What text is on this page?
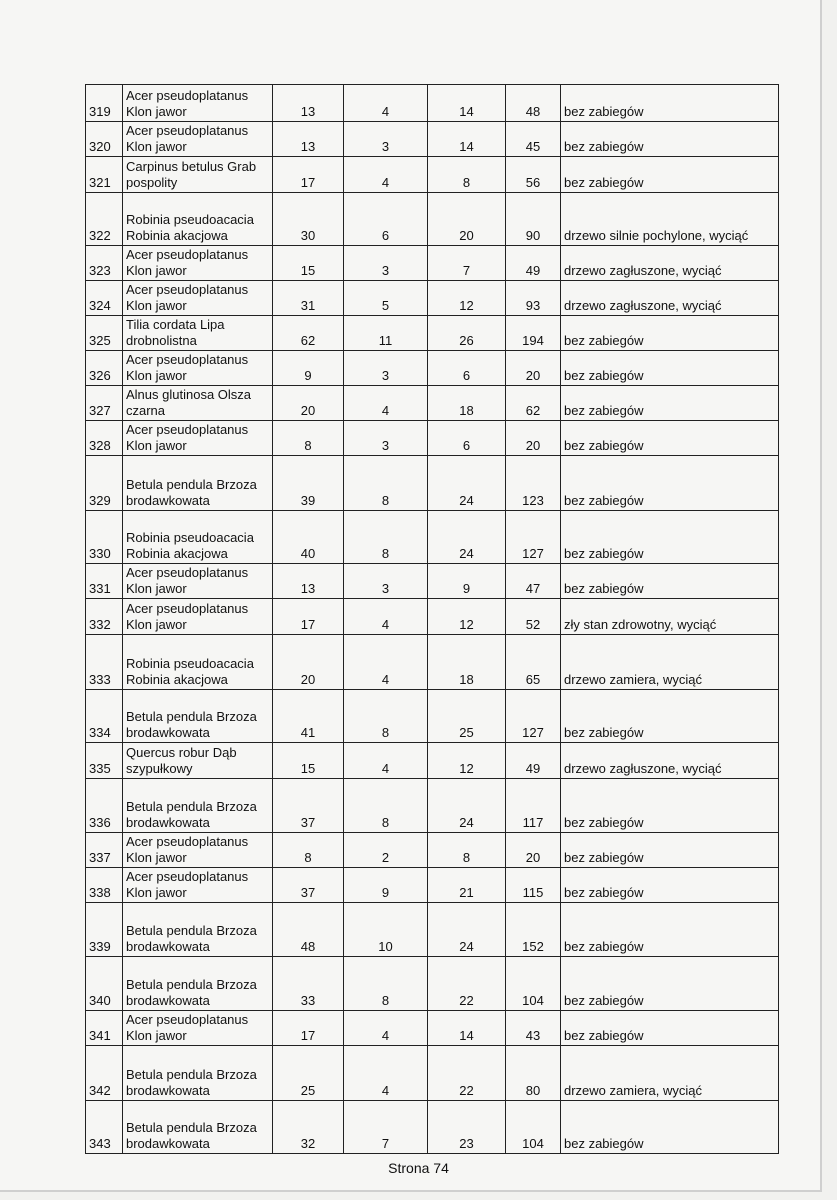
319	Acer pseudoplatanus Klon jawor	13	4	14	48	bez zabiegów
320	Acer pseudoplatanus Klon jawor	13	3	14	45	bez zabiegów
321	Carpinus betulus Grab pospolity	17	4	8	56	bez zabiegów
322	Robinia pseudoacacia Robinia akacjowa	30	6	20	90	drzewo silnie pochylone, wyciąć
323	Acer pseudoplatanus Klon jawor	15	3	7	49	drzewo zagłuszone, wyciąć
324	Acer pseudoplatanus Klon jawor	31	5	12	93	drzewo zagłuszone, wyciąć
325	Tilia cordata Lipa drobnolistna	62	11	26	194	bez zabiegów
326	Acer pseudoplatanus Klon jawor	9	3	6	20	bez zabiegów
327	Alnus glutinosa Olsza czarna	20	4	18	62	bez zabiegów
328	Acer pseudoplatanus Klon jawor	8	3	6	20	bez zabiegów
329	Betula pendula Brzoza brodawkowata	39	8	24	123	bez zabiegów
330	Robinia pseudoacacia Robinia akacjowa	40	8	24	127	bez zabiegów
331	Acer pseudoplatanus Klon jawor	13	3	9	47	bez zabiegów
332	Acer pseudoplatanus Klon jawor	17	4	12	52	zły stan zdrowotny, wyciąć
333	Robinia pseudoacacia Robinia akacjowa	20	4	18	65	drzewo zamiera, wyciąć
334	Betula pendula Brzoza brodawkowata	41	8	25	127	bez zabiegów
335	Quercus robur Dąb szypułkowy	15	4	12	49	drzewo zagłuszone, wyciąć
336	Betula pendula Brzoza brodawkowata	37	8	24	117	bez zabiegów
337	Acer pseudoplatanus Klon jawor	8	2	8	20	bez zabiegów
338	Acer pseudoplatanus Klon jawor	37	9	21	115	bez zabiegów
339	Betula pendula Brzoza brodawkowata	48	10	24	152	bez zabiegów
340	Betula pendula Brzoza brodawkowata	33	8	22	104	bez zabiegów
341	Acer pseudoplatanus Klon jawor	17	4	14	43	bez zabiegów
342	Betula pendula Brzoza brodawkowata	25	4	22	80	drzewo zamiera, wyciąć
343	Betula pendula Brzoza brodawkowata	32	7	23	104	bez zabiegów
Strona 74
